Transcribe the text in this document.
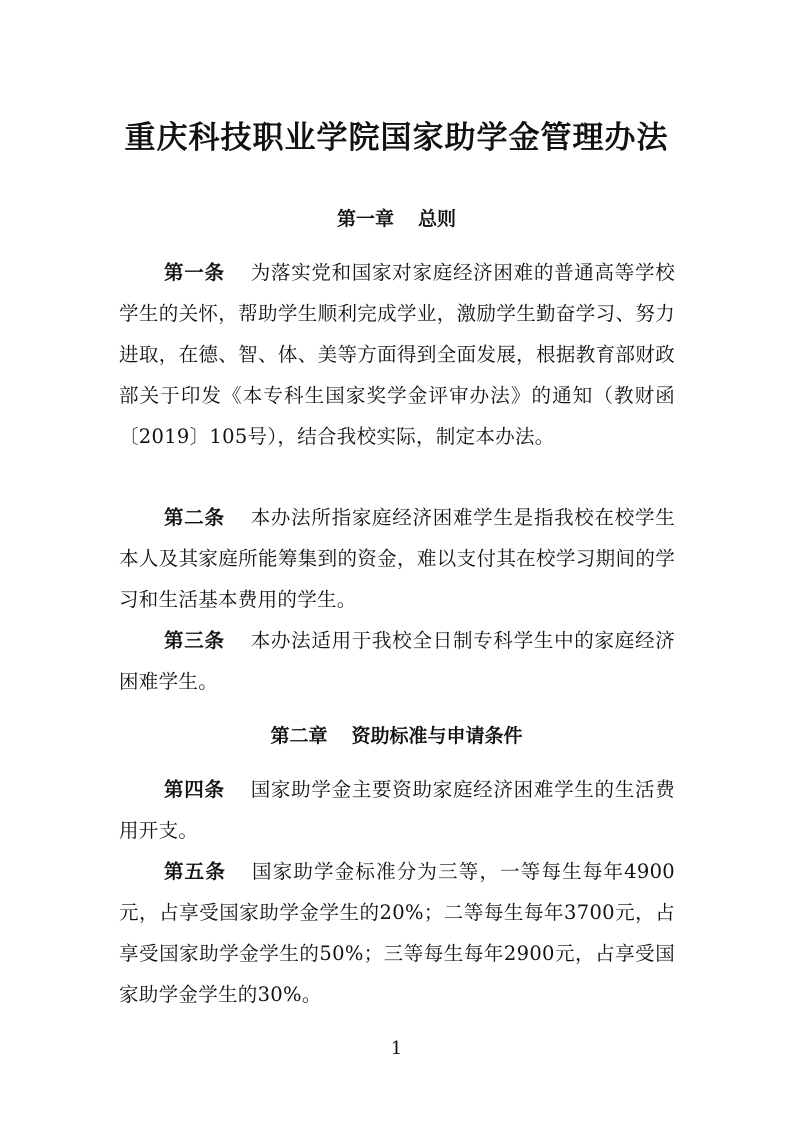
重庆科技职业学院国家助学金管理办法
第一章 总则

第一条 为落实党和国家对家庭经济困难的普通高等学校学生的关怀，帮助学生顺利完成学业，激励学生勤奋学习、努力进取，在德、智、体、美等方面得到全面发展，根据教育部财政部关于印发《本专科生国家奖学金评审办法》的通知（教财函〔2019〕105号），结合我校实际，制定本办法。

第二条 本办法所指家庭经济困难学生是指我校在校学生本人及其家庭所能筹集到的资金，难以支付其在校学习期间的学习和生活基本费用的学生。

第三条 本办法适用于我校全日制专科学生中的家庭经济困难学生。

第二章 资助标准与申请条件

第四条 国家助学金主要资助家庭经济困难学生的生活费用开支。

第五条 国家助学金标准分为三等，一等每生每年4900元，占享受国家助学金学生的20%；二等每生每年3700元，占享受国家助学金学生的50%；三等每生每年2900元，占享受国家助学金学生的30%。

1
